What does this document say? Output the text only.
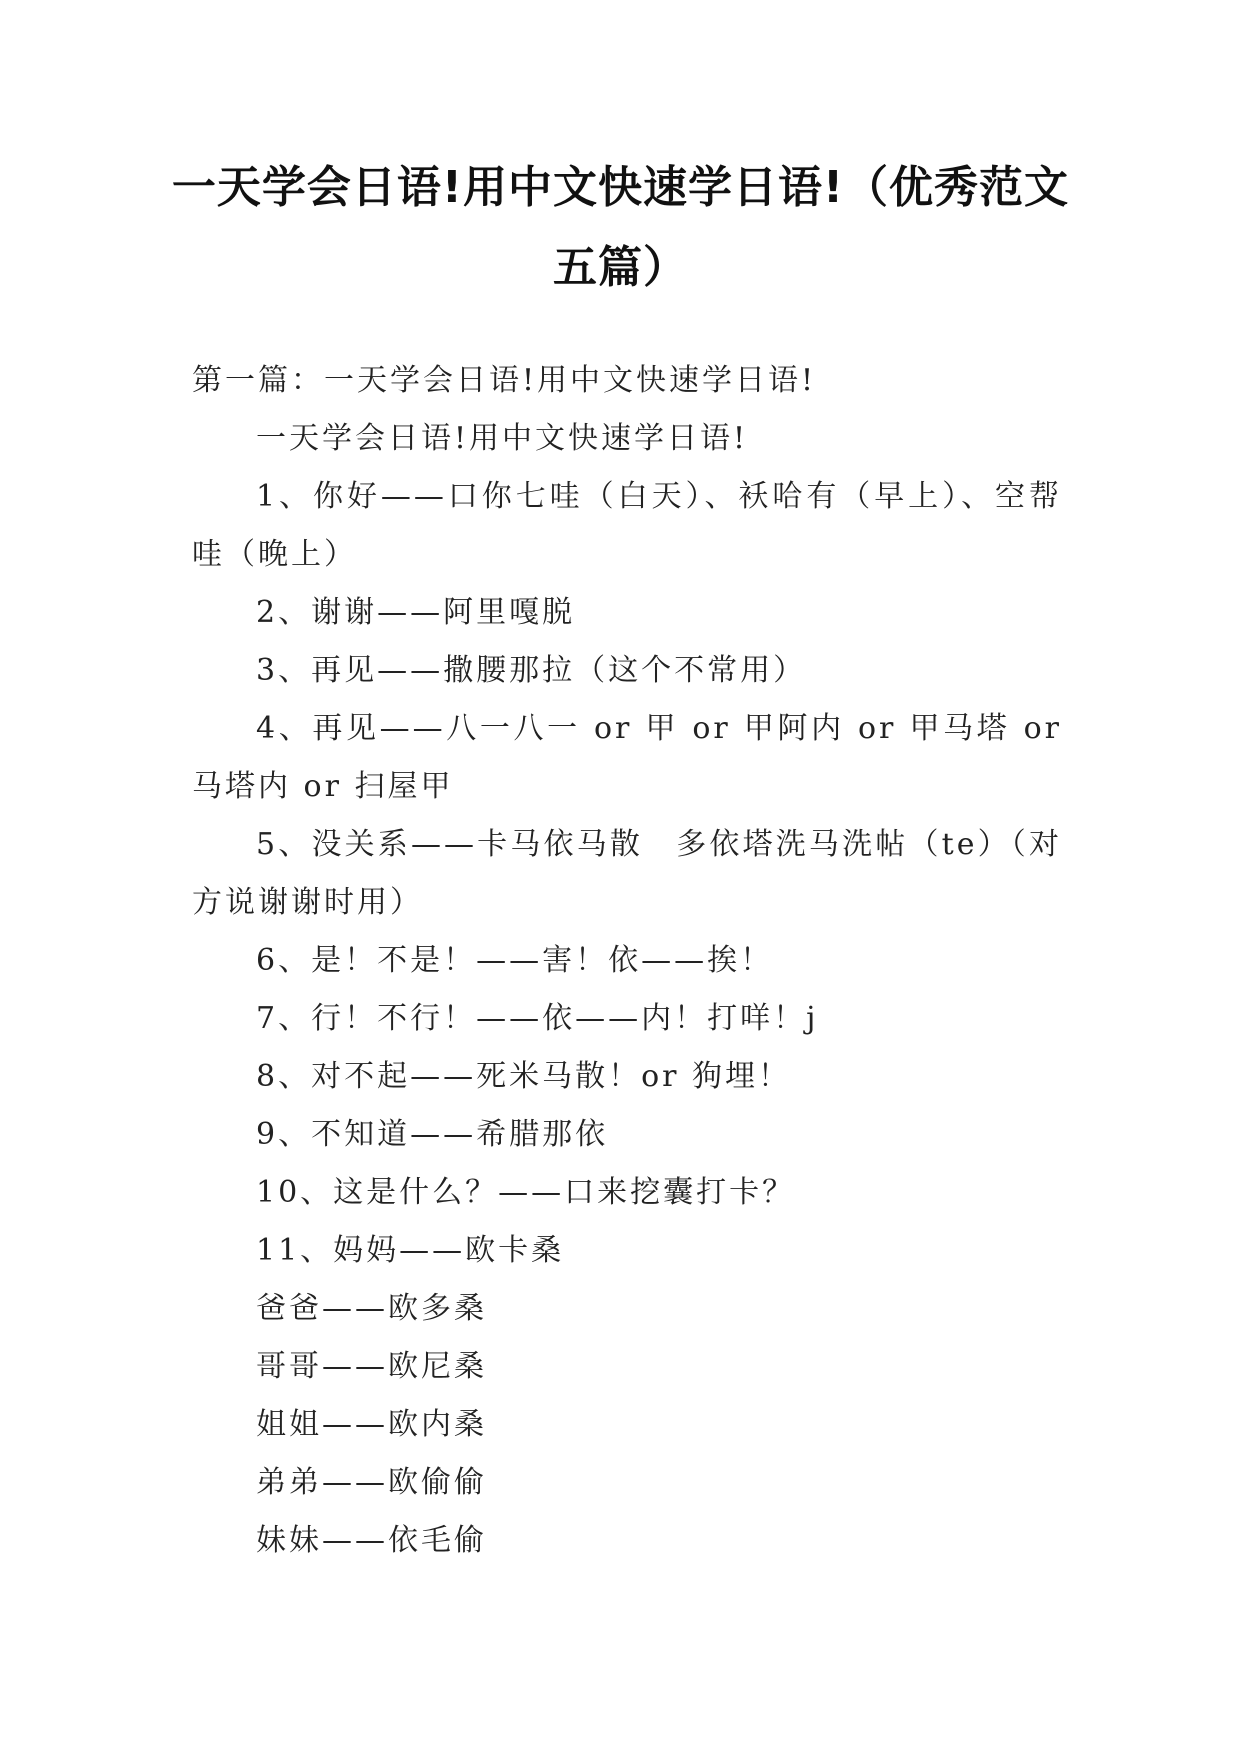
一天学会日语!用中文快速学日语!（优秀范文五篇）

第一篇：一天学会日语!用中文快速学日语!

一天学会日语!用中文快速学日语!

1、你好——口你七哇（白天）、袄哈有（早上）、空帮哇（晚上）

2、谢谢——阿里嘎脱

3、再见——撒腰那拉（这个不常用）

4、再见——八一八一 or 甲 or 甲阿内 or 甲马塔 or 马塔内 or 扫屋甲

5、没关系——卡马依马散　多依塔洗马洗帖（te）（对方说谢谢时用）

6、是！不是！——害！依——挨！

7、行！不行！——依——内！打咩！j

8、对不起——死米马散！or 狗埋！

9、不知道——希腊那依

10、这是什么？——口来挖囊打卡？

11、妈妈——欧卡桑

爸爸——欧多桑

哥哥——欧尼桑

姐姐——欧内桑

弟弟——欧偷偷

妹妹——依毛偷
